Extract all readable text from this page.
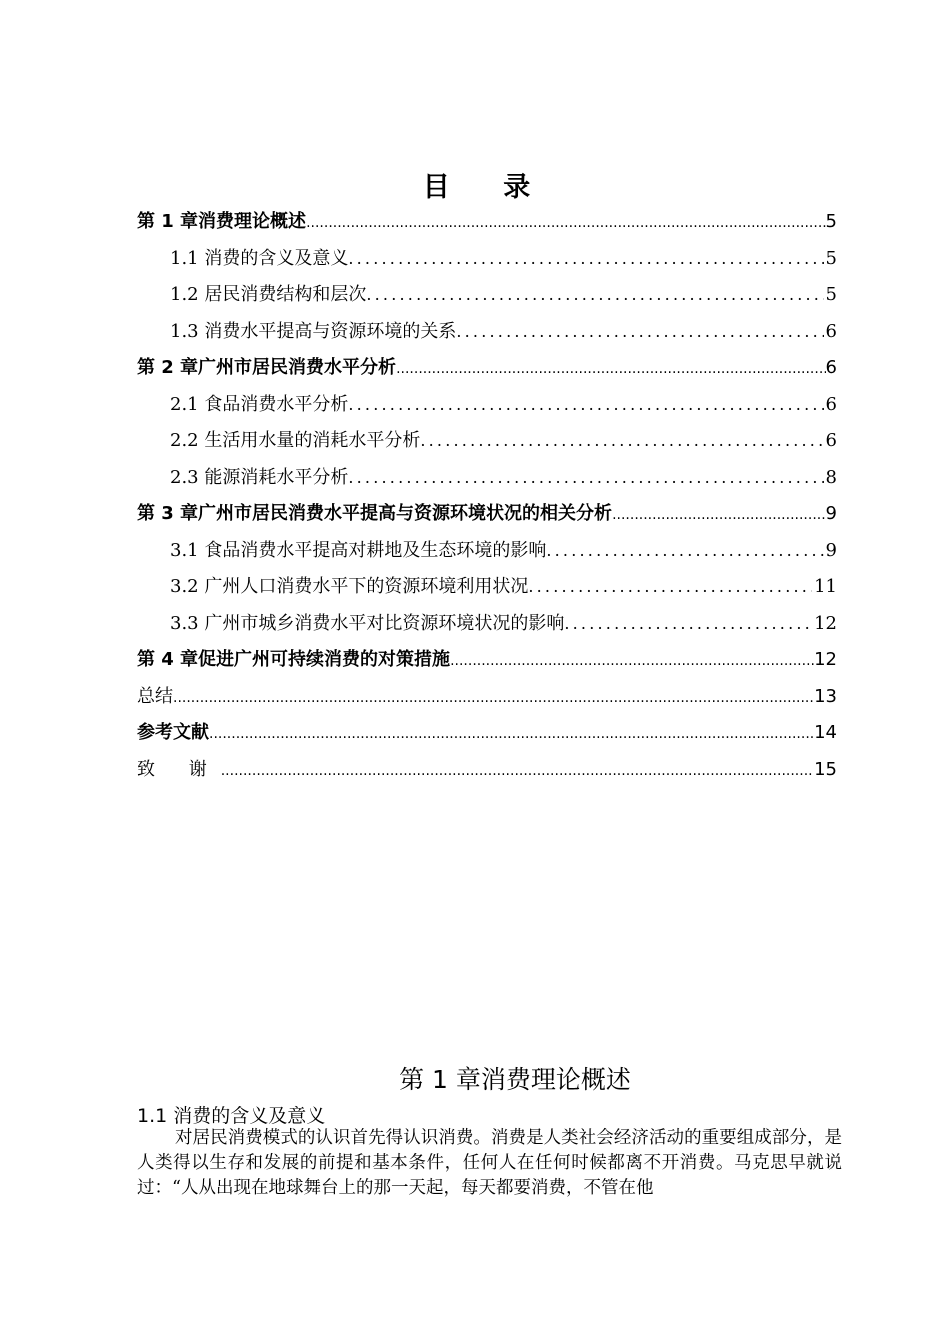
目 录
第 1 章消费理论概述 .....	5
1.1 消费的含义及意义 .....	5
1.2 居民消费结构和层次 .....	5
1.3 消费水平提高与资源环境的关系 .....	6
第 2 章广州市居民消费水平分析 .....	6
2.1 食品消费水平分析 .....	6
2.2 生活用水量的消耗水平分析 .....	6
2.3 能源消耗水平分析 .....	8
第 3 章广州市居民消费水平提高与资源环境状况的相关分析 .....	9
3.1 食品消费水平提高对耕地及生态环境的影响 .....	9
3.2 广州人口消费水平下的资源环境利用状况 .....	11
3.3 广州市城乡消费水平对比资源环境状况的影响 .....	12
第 4 章促进广州可持续消费的对策措施 .....	12
总结 .....	13
参考文献 .....	14
致 谢 .....	15
第 1 章消费理论概述
1.1 消费的含义及意义

对居民消费模式的认识首先得认识消费。消费是人类社会经济活动的重要组成部分，是人类得以生存和发展的前提和基本条件，任何人在任何时候都离不开消费。马克思早就说过：“人从出现在地球舞台上的那一天起，每天都要消费，不管在他
